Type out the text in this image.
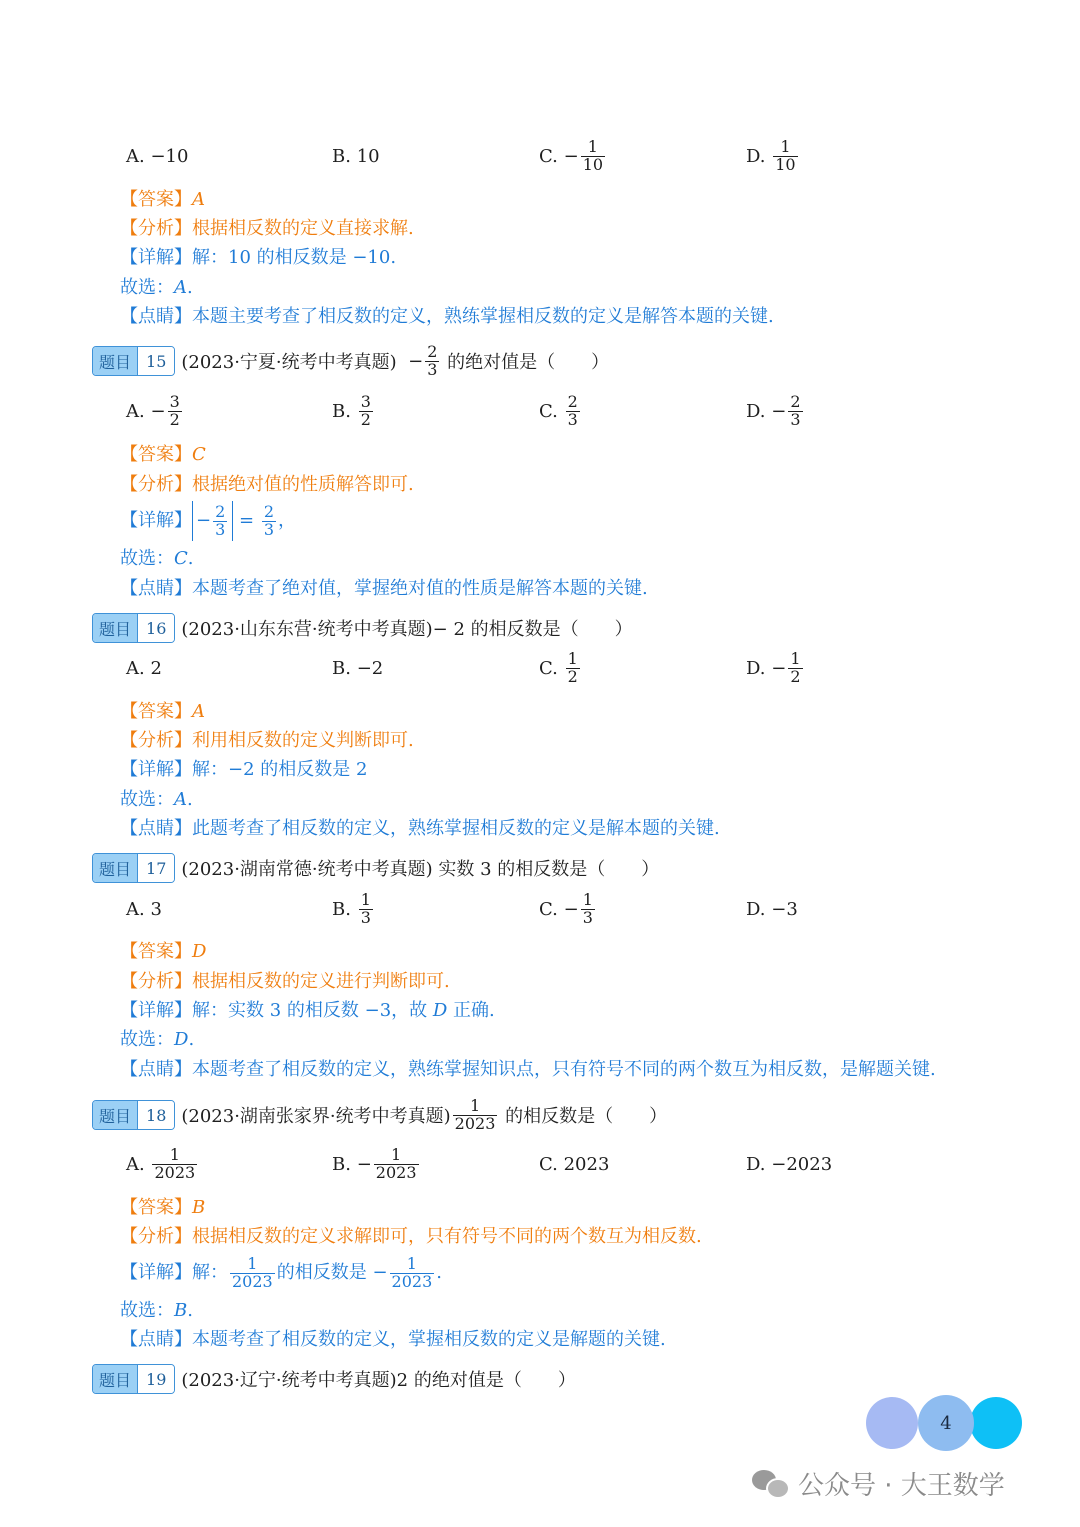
A.
−10	B.
10	C.
− $\frac{1}{10}$	D.
$\frac{1}{10}$
【答案】A
【分析】根据相反数的定义直接求解.
【详解】解：10 的相反数是 −10.
故选：A.
【点睛】本题主要考查了相反数的定义，熟练掌握相反数的定义是解答本题的关键.
题目 15 (2023·宁夏·统考中考真题)
− $\frac{2}{3}$
的绝对值是（　　）
A.
− $\frac{3}{2}$	B.
$\frac{3}{2}$	C.
$\frac{2}{3}$	D.
− $\frac{2}{3}$
【答案】C
【分析】根据绝对值的性质解答即可.
【详解】 − $\frac{2}{3}$
=
$\frac{2}{3}$ ，
故选：C.
【点睛】本题考查了绝对值，掌握绝对值的性质是解答本题的关键.
题目 16 (2023·山东东营·统考中考真题) − 2 的相反数是（　　）
A.
2	B.
−2	C.
$\frac{1}{2}$	D.
− $\frac{1}{2}$
【答案】A
【分析】利用相反数的定义判断即可.
【详解】解：−2 的相反数是 2
故选：A.
【点睛】此题考查了相反数的定义，熟练掌握相反数的定义是解本题的关键.
题目 17 (2023·湖南常德·统考中考真题)
实数 3 的相反数是（　　）
A.
3	B.
$\frac{1}{3}$	C.
− $\frac{1}{3}$	D.
−3
【答案】D
【分析】根据相反数的定义进行判断即可.
【详解】解：实数 3 的相反数 −3，故 D 正确.
故选：D.
【点睛】本题考查了相反数的定义，熟练掌握知识点，只有符号不同的两个数互为相反数，是解题关键.
题目 18 (2023·湖南张家界·统考中考真题) $\frac{1}{2023}$
的相反数是（　　）
A.
$\frac{1}{2023}$	B.
− $\frac{1}{2023}$	C.
2023	D.
−2023
【答案】B
【分析】根据相反数的定义求解即可，只有符号不同的两个数互为相反数.
【详解】 解： $\frac{1}{2023}$ 的相反数是 − $\frac{1}{2023}$ .
故选：B.
【点睛】本题考查了相反数的定义，掌握相反数的定义是解题的关键.
题目 19 (2023·辽宁·统考中考真题) 2 的绝对值是（　　）
4
公众号 · 大王数学
